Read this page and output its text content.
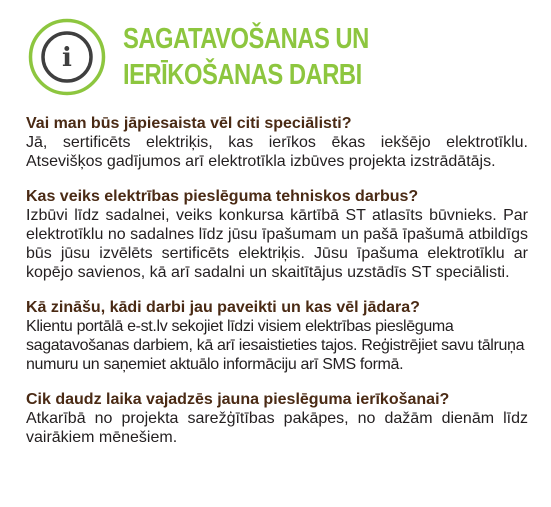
i
SAGATAVOŠANAS UN
IERĪKOŠANAS DARBI

Vai man būs jāpiesaista vēl citi speciālisti?

Jā, sertificēts elektriķis, kas ierīkos ēkas iekšējo elektrotīklu. Atsevišķos gadījumos arī elektrotīkla izbūves projekta izstrādātājs.

Kas veiks elektrības pieslēguma tehniskos darbus?

Izbūvi līdz sadalnei, veiks konkursa kārtībā ST atlasīts būvnieks. Par elektrotīklu no sadalnes līdz jūsu īpašumam un pašā īpašumā atbildīgs būs jūsu izvēlēts sertificēts elektriķis. Jūsu īpašuma elektrotīklu ar kopējo savienos, kā arī sadalni un skaitītājus uzstādīs ST speciālisti.

Kā zināšu, kādi darbi jau paveikti un kas vēl jādara?

Klientu portālā e-st.lv sekojiet līdzi visiem elektrības pieslēguma sagatavošanas darbiem, kā arī iesaistieties tajos. Reģistrējiet savu tālruņa numuru un saņemiet aktuālo informāciju arī SMS formā.

Cik daudz laika vajadzēs jauna pieslēguma ierīkošanai?

Atkarībā no projekta sarežģītības pakāpes, no dažām dienām līdz vairākiem mēnešiem.
